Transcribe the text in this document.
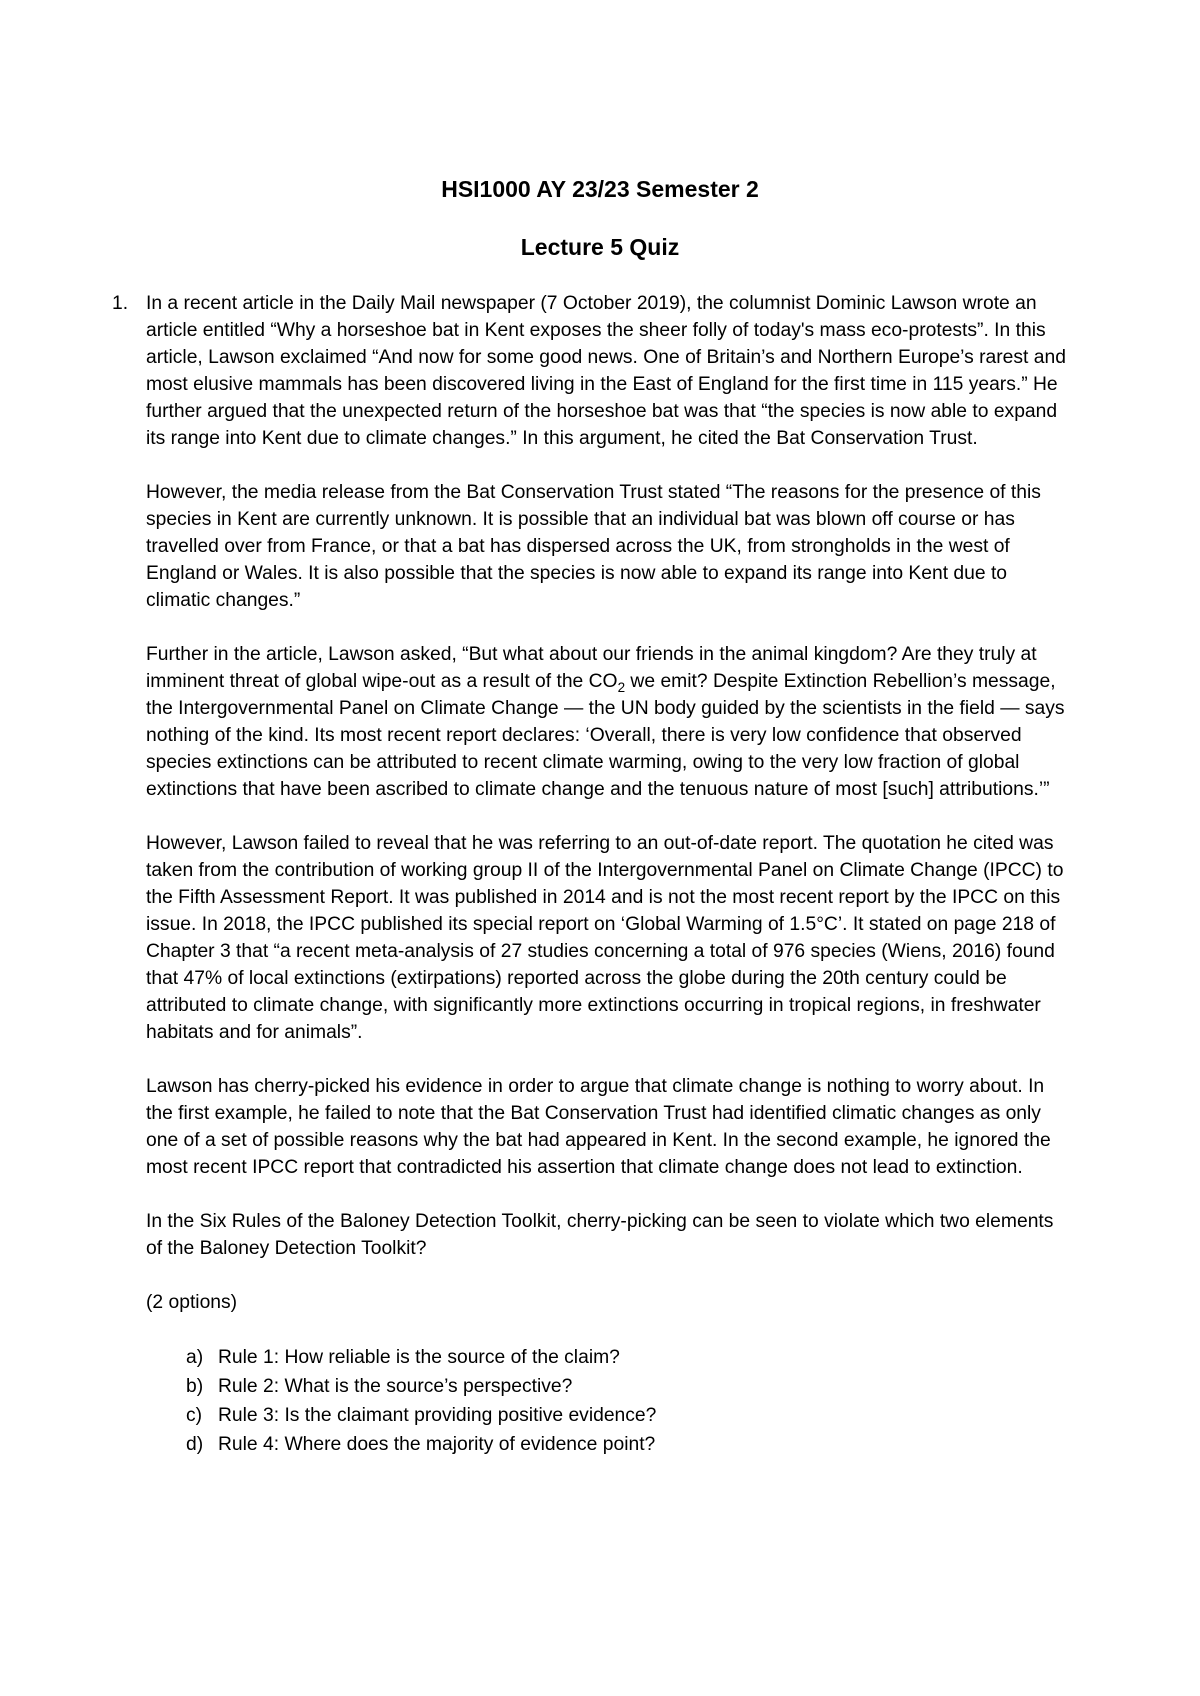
HSI1000 AY 23/23 Semester 2
Lecture 5 Quiz
1. In a recent article in the Daily Mail newspaper (7 October 2019), the columnist Dominic Lawson wrote an article entitled “Why a horseshoe bat in Kent exposes the sheer folly of today's mass eco-protests”. In this article, Lawson exclaimed “And now for some good news. One of Britain’s and Northern Europe’s rarest and most elusive mammals has been discovered living in the East of England for the first time in 115 years.” He further argued that the unexpected return of the horseshoe bat was that “the species is now able to expand its range into Kent due to climate changes.” In this argument, he cited the Bat Conservation Trust.

However, the media release from the Bat Conservation Trust stated “The reasons for the presence of this species in Kent are currently unknown. It is possible that an individual bat was blown off course or has travelled over from France, or that a bat has dispersed across the UK, from strongholds in the west of England or Wales. It is also possible that the species is now able to expand its range into Kent due to climatic changes.”

Further in the article, Lawson asked, “But what about our friends in the animal kingdom? Are they truly at imminent threat of global wipe-out as a result of the $CO_2$ we emit? Despite Extinction Rebellion’s message, the Intergovernmental Panel on Climate Change — the UN body guided by the scientists in the field — says nothing of the kind. Its most recent report declares: ‘Overall, there is very low confidence that observed species extinctions can be attributed to recent climate warming, owing to the very low fraction of global extinctions that have been ascribed to climate change and the tenuous nature of most [such] attributions.’”

However, Lawson failed to reveal that he was referring to an out-of-date report. The quotation he cited was taken from the contribution of working group II of the Intergovernmental Panel on Climate Change (IPCC) to the Fifth Assessment Report. It was published in 2014 and is not the most recent report by the IPCC on this issue. In 2018, the IPCC published its special report on ‘Global Warming of 1.5°C’. It stated on page 218 of Chapter 3 that “a recent meta-analysis of 27 studies concerning a total of 976 species (Wiens, 2016) found that 47% of local extinctions (extirpations) reported across the globe during the 20th century could be attributed to climate change, with significantly more extinctions occurring in tropical regions, in freshwater habitats and for animals”.

Lawson has cherry-picked his evidence in order to argue that climate change is nothing to worry about. In the first example, he failed to note that the Bat Conservation Trust had identified climatic changes as only one of a set of possible reasons why the bat had appeared in Kent. In the second example, he ignored the most recent IPCC report that contradicted his assertion that climate change does not lead to extinction.

In the Six Rules of the Baloney Detection Toolkit, cherry-picking can be seen to violate which two elements of the Baloney Detection Toolkit?

(2 options)

a) Rule 1: How reliable is the source of the claim?
b) Rule 2: What is the source’s perspective?
c) Rule 3: Is the claimant providing positive evidence?
d) Rule 4: Where does the majority of evidence point?
